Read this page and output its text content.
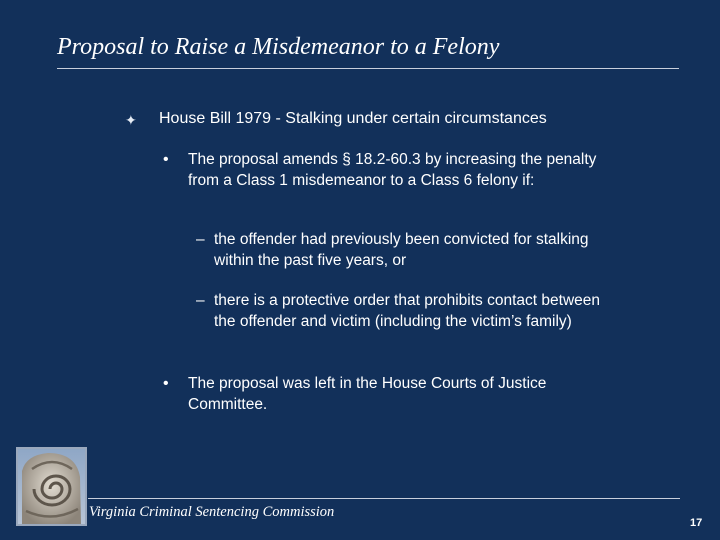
Proposal to Raise a Misdemeanor to a Felony
✦ House Bill 1979 - Stalking under certain circumstances
• The proposal amends § 18.2-60.3 by increasing the penalty from a Class 1 misdemeanor to a Class 6 felony if:
– the offender had previously been convicted for stalking within the past five years, or
– there is a protective order that prohibits contact between the offender and victim (including the victim’s family)
• The proposal was left in the House Courts of Justice Committee.
Virginia Criminal Sentencing Commission
17
